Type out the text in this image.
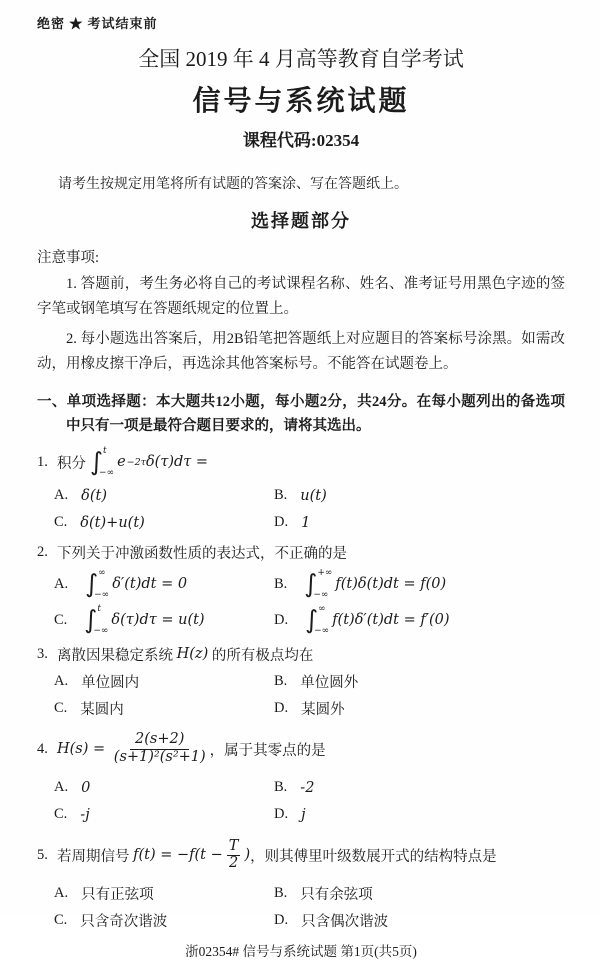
绝密 ★ 考试结束前
全国 2019 年 4 月高等教育自学考试
信号与系统试题
课程代码:02354
请考生按规定用笔将所有试题的答案涂、写在答题纸上。
选择题部分
注意事项:

1. 答题前，考生务必将自己的考试课程名称、姓名、准考证号用黑色字迹的签字笔或钢笔填写在答题纸规定的位置上。

2. 每小题选出答案后，用2B铅笔把答题纸上对应题目的答案标号涂黑。如需改动，用橡皮擦干净后，再选涂其他答案标号。不能答在试题卷上。

一、单项选择题：本大题共12小题，每小题2分，共24分。在每小题列出的备选项中只有一项是最符合题目要求的，请将其选出。
1. 积分 ∫ t
−∞
e −2τ δ(τ)dτ =
A. δ(t)	B. u(t)
C. δ(t)+u(t)	D. 1
2. 下列关于冲激函数性质的表达式，不正确的是
A. ∫ ∞
−∞
δ′(t)dt = 0	B. ∫ +∞
−∞
f(t)δ(t)dt = f(0)
C. ∫ t
−∞
δ(τ)dτ = u(t)	D. ∫ ∞
−∞
f(t)δ′(t)dt = f′(0)
3. 离散因果稳定系统 H(z) 的所有极点均在
A. 单位圆内	B. 单位圆外
C. 某圆内	D. 某圆外
4. $H(s) = \frac{2(s+2)}{\text{(s+1)²(s²+1)}}$ ，属于其零点的是
A. 0	B. -2
C. -j	D. j
5. 若周期信号 $f(t) = -f(t - \frac{T}{2}$ ) ，则其傅里叶级数展开式的结构特点是
A. 只有正弦项	B. 只有余弦项
C. 只含奇次谐波	D. 只含偶次谐波
浙02354# 信号与系统试题 第1页(共5页)
